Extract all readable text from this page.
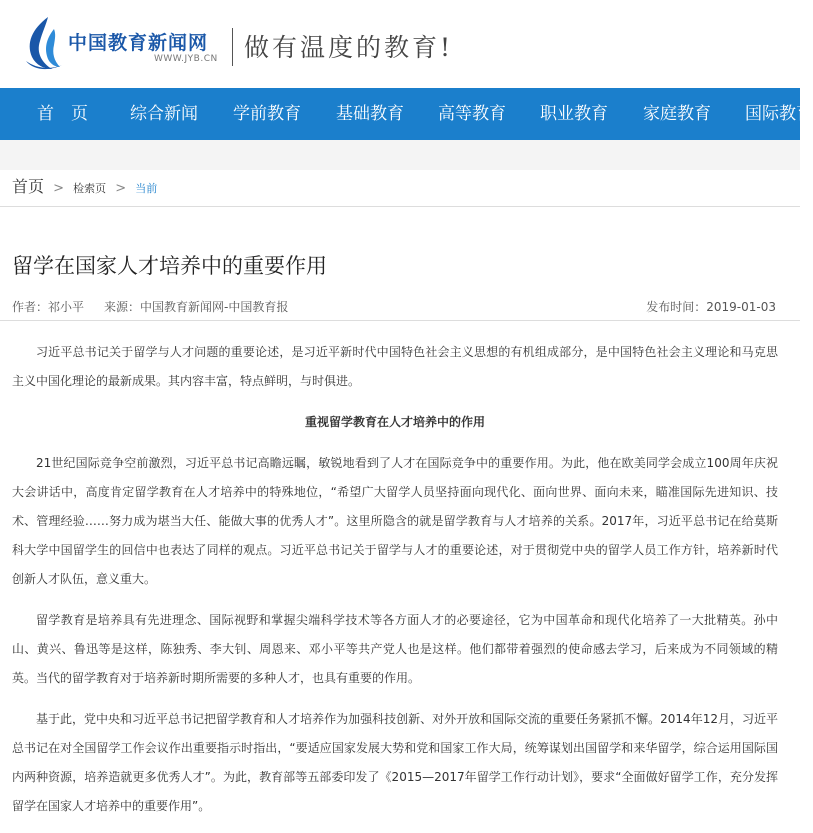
中国教育新闻网
WWW.JYB.CN 做有温度的教育!
首　页 综合新闻 学前教育 基础教育 高等教育 职业教育 家庭教育 国际教育
首页 > 检索页 > 当前
留学在国家人才培养中的重要作用
作者：祁小平 来源：中国教育新闻网-中国教育报	发布时间：2019-01-03

习近平总书记关于留学与人才问题的重要论述，是习近平新时代中国特色社会主义思想的有机组成部分，是中国特色社会主义理论和马克思主义中国化理论的最新成果。其内容丰富，特点鲜明，与时俱进。

重视留学教育在人才培养中的作用

21世纪国际竞争空前激烈，习近平总书记高瞻远瞩，敏锐地看到了人才在国际竞争中的重要作用。为此，他在欧美同学会成立100周年庆祝大会讲话中，高度肯定留学教育在人才培养中的特殊地位，“希望广大留学人员坚持面向现代化、面向世界、面向未来，瞄准国际先进知识、技术、管理经验……努力成为堪当大任、能做大事的优秀人才”。这里所隐含的就是留学教育与人才培养的关系。2017年，习近平总书记在给莫斯科大学中国留学生的回信中也表达了同样的观点。习近平总书记关于留学与人才的重要论述，对于贯彻党中央的留学人员工作方针，培养新时代创新人才队伍，意义重大。

留学教育是培养具有先进理念、国际视野和掌握尖端科学技术等各方面人才的必要途径，它为中国革命和现代化培养了一大批精英。孙中山、黄兴、鲁迅等是这样，陈独秀、李大钊、周恩来、邓小平等共产党人也是这样。他们都带着强烈的使命感去学习，后来成为不同领域的精英。当代的留学教育对于培养新时期所需要的多种人才，也具有重要的作用。

基于此，党中央和习近平总书记把留学教育和人才培养作为加强科技创新、对外开放和国际交流的重要任务紧抓不懈。2014年12月，习近平总书记在对全国留学工作会议作出重要指示时指出，“要适应国家发展大势和党和国家工作大局，统筹谋划出国留学和来华留学，综合运用国际国内两种资源，培养造就更多优秀人才”。为此，教育部等五部委印发了《2015—2017年留学工作行动计划》，要求“全面做好留学工作，充分发挥留学在国家人才培养中的重要作用”。
